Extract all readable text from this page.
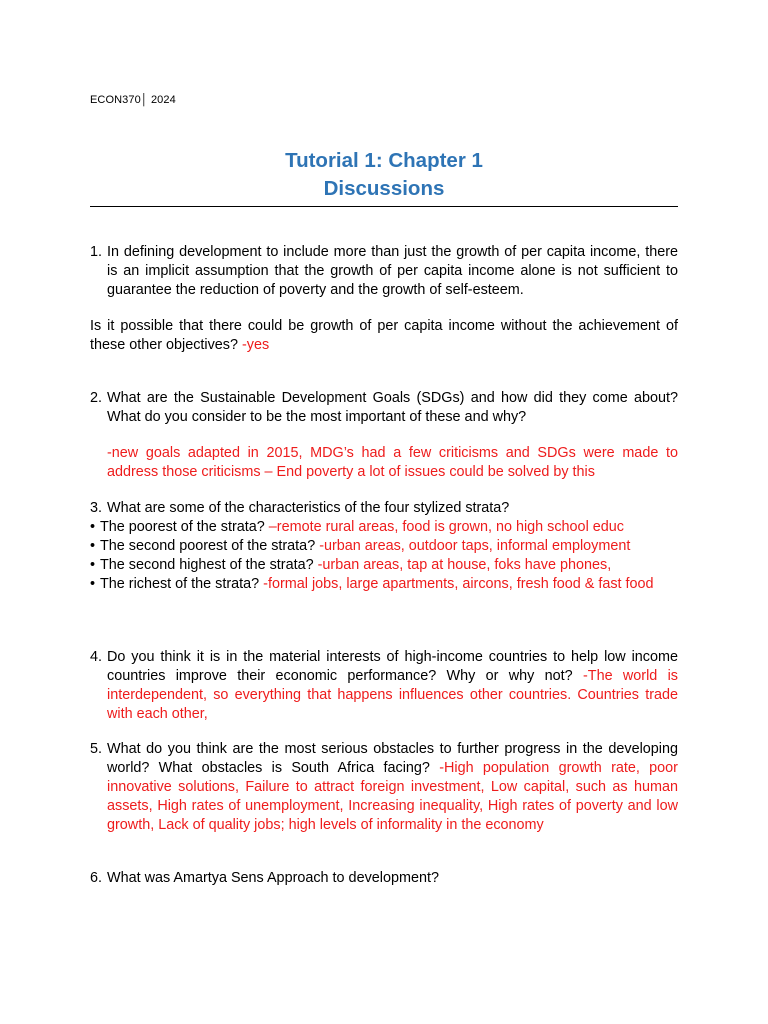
ECON370│ 2024
Tutorial 1: Chapter 1
Discussions
1. In defining development to include more than just the growth of per capita income, there is an implicit assumption that the growth of per capita income alone is not sufficient to guarantee the reduction of poverty and the growth of self-esteem.
Is it possible that there could be growth of per capita income without the achievement of these other objectives? -yes
2. What are the Sustainable Development Goals (SDGs) and how did they come about? What do you consider to be the most important of these and why?
-new goals adapted in 2015, MDG’s had a few criticisms and SDGs were made to address those criticisms – End poverty a lot of issues could be solved by this
3. What are some of the characteristics of the four stylized strata?
• The poorest of the strata? –remote rural areas, food is grown, no high school educ
• The second poorest of the strata? -urban areas, outdoor taps, informal employment
• The second highest of the strata? -urban areas, tap at house, foks have phones,
• The richest of the strata? -formal jobs, large apartments, aircons, fresh food & fast food
4. Do you think it is in the material interests of high-income countries to help low income countries improve their economic performance? Why or why not? -The world is interdependent, so everything that happens influences other countries. Countries trade with each other,
5. What do you think are the most serious obstacles to further progress in the developing world? What obstacles is South Africa facing? -High population growth rate, poor innovative solutions, Failure to attract foreign investment, Low capital, such as human assets, High rates of unemployment, Increasing inequality, High rates of poverty and low growth, Lack of quality jobs; high levels of informality in the economy
6. What was Amartya Sens Approach to development?
